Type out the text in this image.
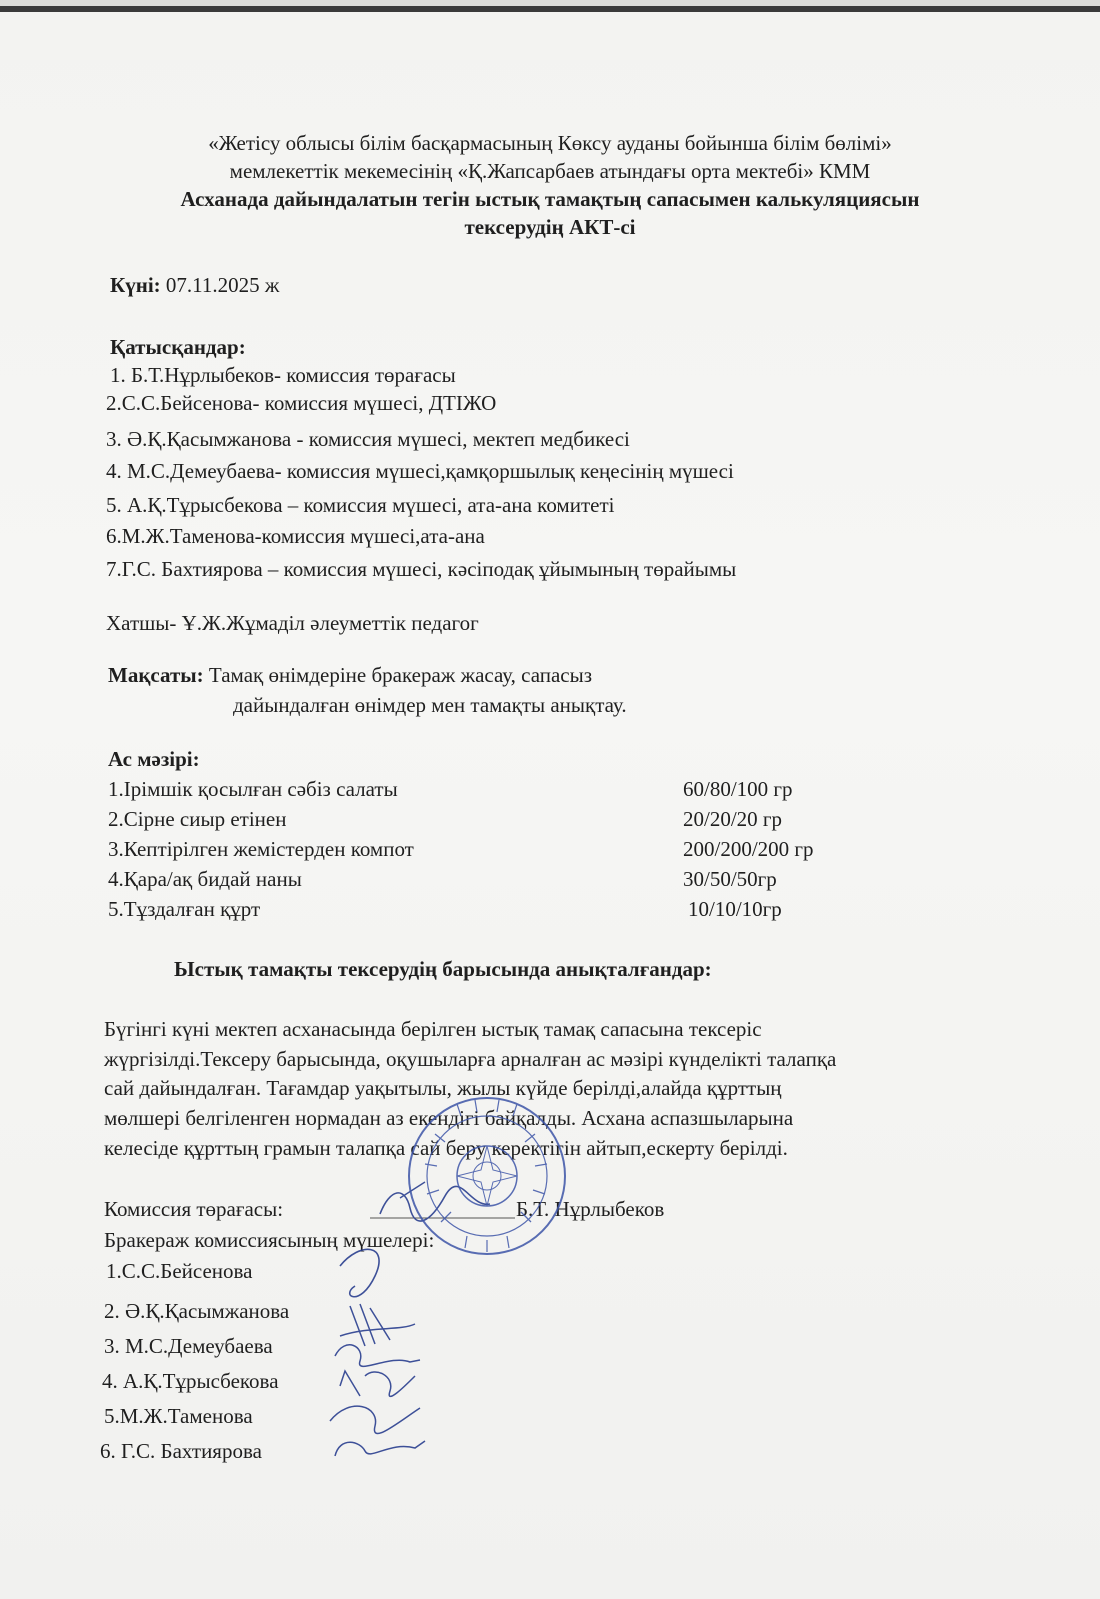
«Жетісу облысы білім басқармасының Көксу ауданы бойынша білім бөлімі»
мемлекеттік мекемесінің «Қ.Жапсарбаев атындағы орта мектебі» КММ
Асханада дайындалатын тегін ыстық тамақтың сапасымен калькуляциясын
тексерудің АКТ-сі
Күні: 07.11.2025 ж
Қатысқандар:
1. Б.Т.Нұрлыбеков- комиссия төрағасы
2.С.С.Бейсенова- комиссия мүшесі, ДТІЖО
3. Ә.Қ.Қасымжанова - комиссия мүшесі, мектеп медбикесі
4. М.С.Демеубаева- комиссия мүшесі,қамқоршылық кеңесінің мүшесі
5. А.Қ.Тұрысбекова – комиссия мүшесі, ата-ана комитеті
6.М.Ж.Таменова-комиссия мүшесі,ата-ана
7.Г.С. Бахтиярова – комиссия мүшесі, кәсіподақ ұйымының төрайымы
Хатшы- Ұ.Ж.Жұмаділ әлеуметтік педагог
Мақсаты: Тамақ өнімдеріне бракераж жасау, сапасыз
дайындалған өнімдер мен тамақты анықтау.
Ас мәзірі:
1.Ірімшік қосылған сәбіз салаты	60/80/100 гр
2.Сірне сиыр етінен	20/20/20 гр
3.Кептірілген жемістерден компот	200/200/200 гр
4.Қара/ақ бидай наны	30/50/50гр
5.Тұздалған құрт	10/10/10гр
Ыстық тамақты тексерудің барысында анықталғандар:
Бүгінгі күні мектеп асханасында берілген ыстық тамақ сапасына тексеріс
жүргізілді.Тексеру барысында, оқушыларға арналған ас мәзірі күнделікті талапқа
сай дайындалған. Тағамдар уақытылы, жылы күйде берілді,алайда құрттың
мөлшері белгіленген нормадан аз екендігі байқалды. Асхана аспазшыларына
келесіде құрттың грамын талапқа сай беру керектігін айтып,ескерту берілді.
Комиссия төрағасы:	Б.Т. Нұрлыбеков
Бракераж комиссиясының мүшелері:
1.С.С.Бейсенова
2. Ә.Қ.Қасымжанова
3. М.С.Демеубаева
4. А.Қ.Тұрысбекова
5.М.Ж.Таменова
6. Г.С. Бахтиярова
